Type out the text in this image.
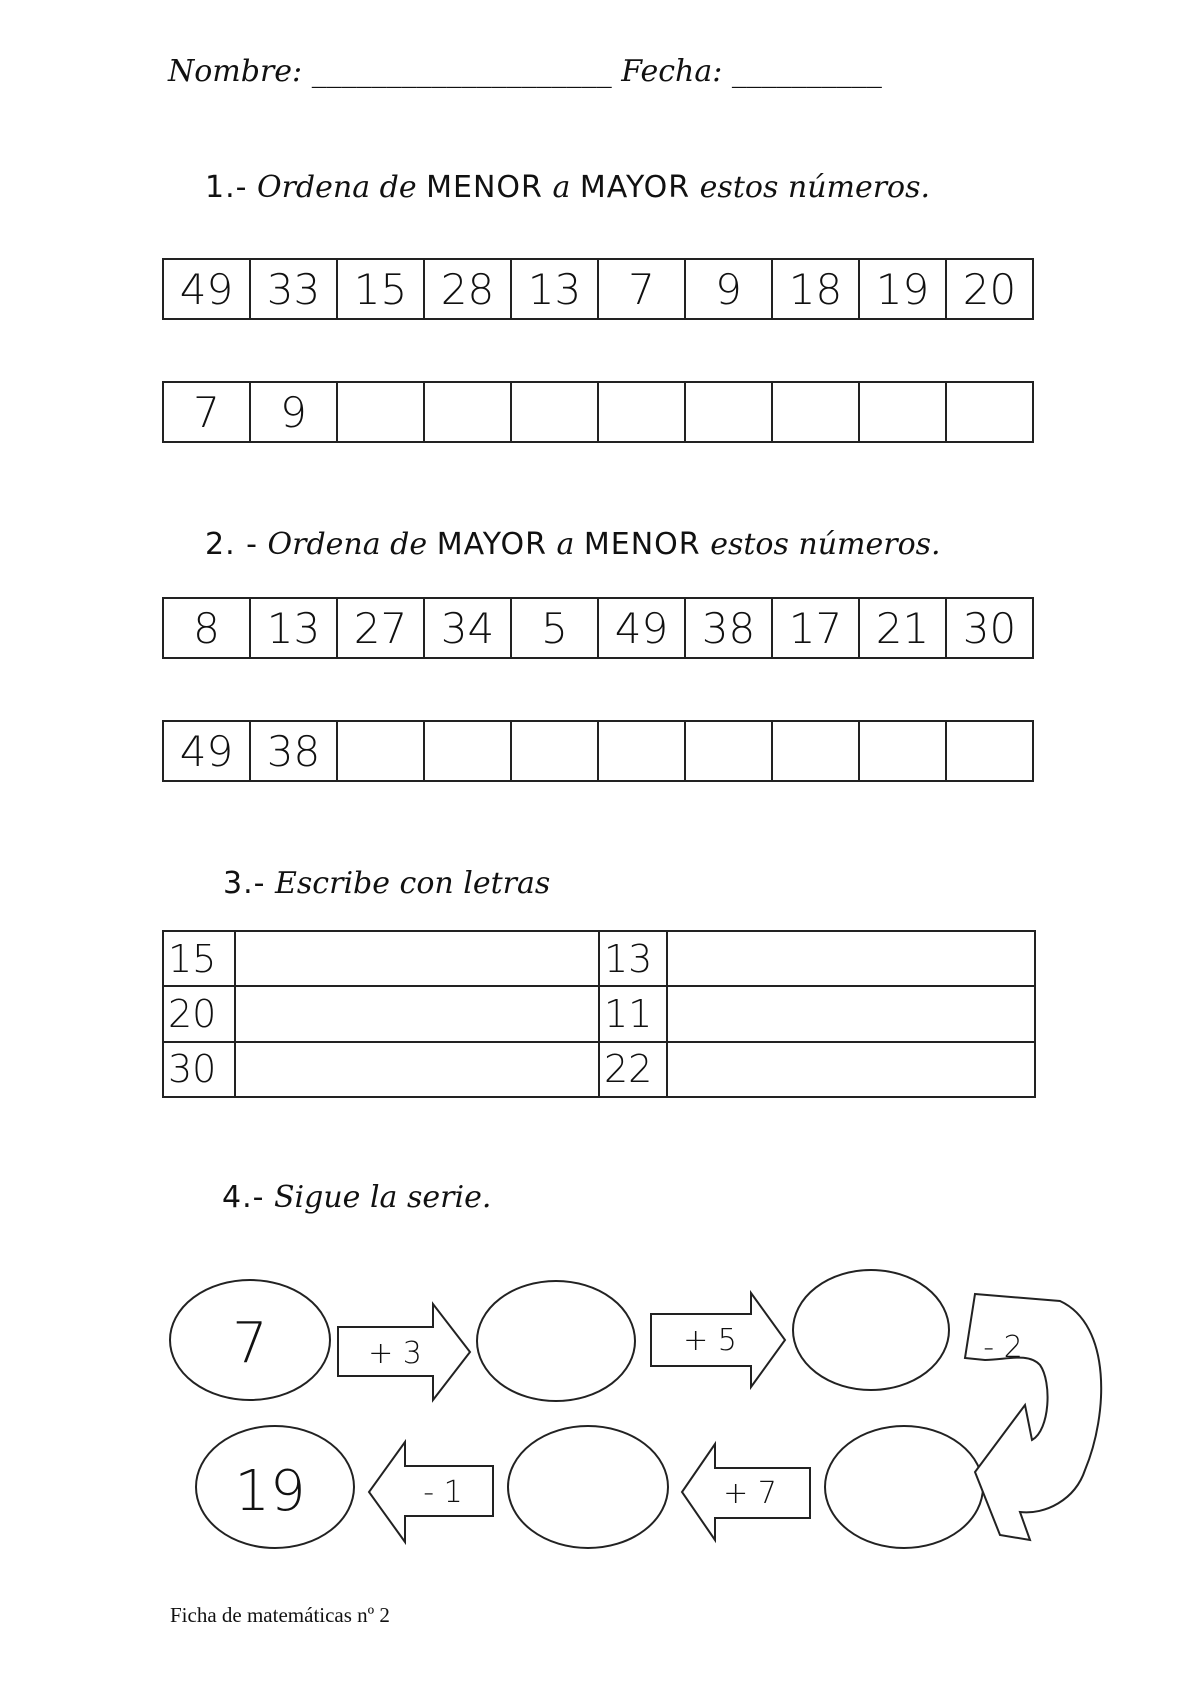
Nombre: ____________________ Fecha: __________
1.- Ordena de MENOR a MAYOR estos números.
49	33	15	28	13	7	9	18	19	20
7	9								
2. - Ordena de MAYOR a MENOR estos números.
8	13	27	34	5	49	38	17	21	30
49	38								
3.- Escribe con letras
15		13	
20		11	
30		22	
4.- Sigue la serie.
7
19
+ 3	+ 5	- 2
+ 7
- 1
Ficha de matemáticas nº 2
